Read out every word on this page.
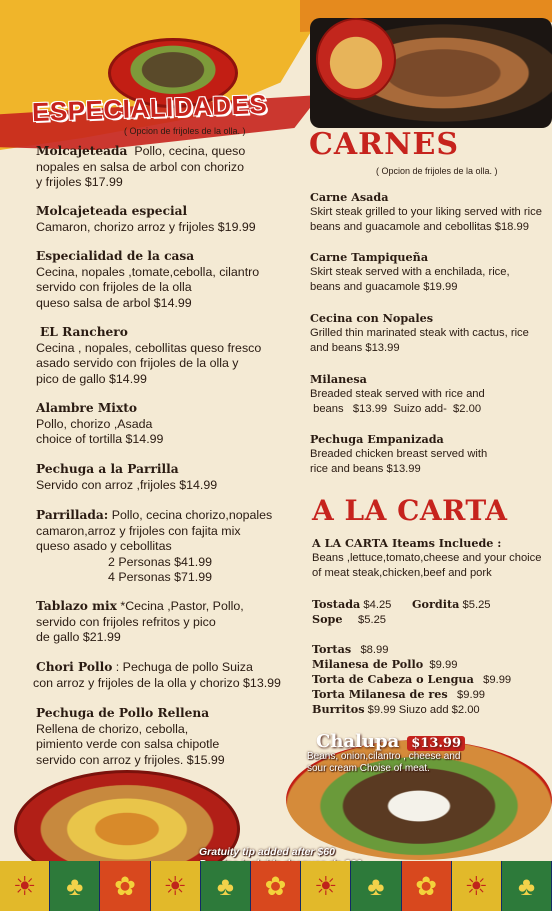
ESPECIALIDADES
( Opcion de frijoles de la olla. ) CARNES
( Opcion de frijoles de la olla. )
A LA CARTA
Molcajeteada Pollo, cecina, queso
nopales en salsa de arbol con chorizo
y frijoles $17.99
Molcajeteada especial
Camaron, chorizo arroz y frijoles $19.99
Especialidad de la casa
Cecina, nopales ,tomate,cebolla, cilantro
servido con frijoles de la olla
queso salsa de arbol $14.99
EL Ranchero
Cecina , nopales, cebollitas queso fresco
asado servido con frijoles de la olla y
pico de gallo $14.99
Alambre Mixto
Pollo, chorizo ,Asada
choice of tortilla $14.99
Pechuga a la Parrilla
Servido con arroz ,frijoles $14.99
Parrillada: Pollo, cecina chorizo,nopales
camaron,arroz y frijoles con fajita mix
queso asado y cebollitas
2 Personas $41.99
4 Personas $71.99
Tablazo mix *Cecina ,Pastor, Pollo,
servido con frijoles refritos y pico
de gallo $21.99
Chori Pollo : Pechuga de pollo Suiza
con arroz y frijoles de la olla y chorizo $13.99
Pechuga de Pollo Rellena
Rellena de chorizo, cebolla,
pimiento verde con salsa chipotle
servido con arroz y frijoles. $15.99
Carne Asada
Skirt steak grilled to your liking served with rice
beans and guacamole and cebollitas $18.99
Carne Tampiqueña
Skirt steak served with a enchilada, rice,
beans and guacamole $19.99
Cecina con Nopales
Grilled thin marinated steak with cactus, rice
and beans $13.99
Milanesa
Breaded steak served with rice and
beans   $13.99  Suizo add-  $2.00
Pechuga Empanizada
Breaded chicken breast served with
rice and beans $13.99
A LA CARTA Iteams Incluede :
Beans ,lettuce,tomato,cheese and your choice
of meat steak,chicken,beef and pork
Tostada $4.25	Gordita $5.25
Sope $5.25
Tortas $8.99
Milanesa de Pollo $9.99
Torta de Cabeza o Lengua $9.99
Torta Milanesa de res $9.99
Burritos $9.99 Siuzo add $2.00
Chalupa $13.99
Beans, onion,cilantro , cheese and
sour cream Choise of meat.
Gratuity tip added after $60
☀	♣	✿	☀	♣	✿	☀	♣	✿	☀	♣
